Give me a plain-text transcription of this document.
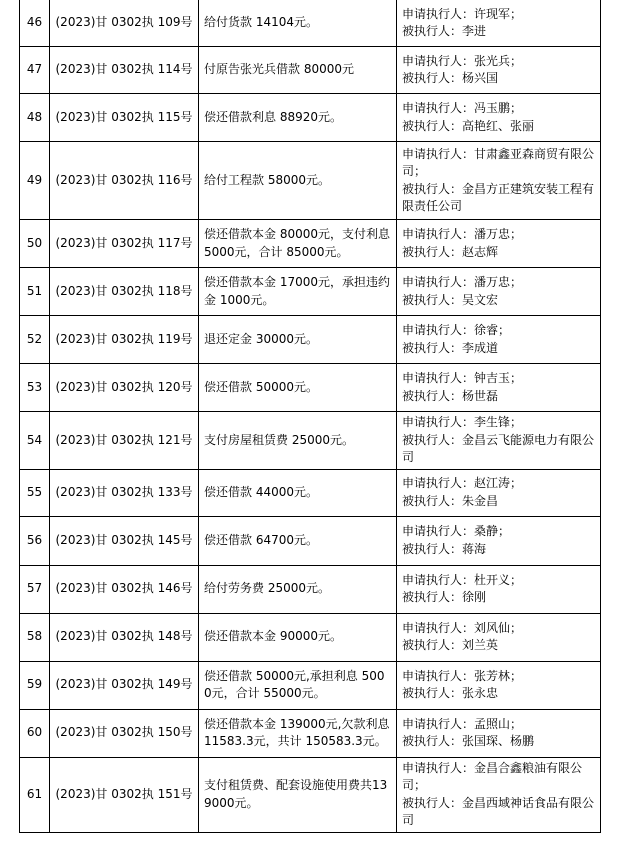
46	(2023)甘 0302执 109号	给付货款 14104元。	申请执行人：许现军；
被执行人：李进

47	(2023)甘 0302执 114号	付原告张光兵借款 80000元	申请执行人：张光兵；
被执行人：杨兴国

48	(2023)甘 0302执 115号	偿还借款利息 88920元。	申请执行人：冯玉鹏；
被执行人：高艳红、张丽

49	(2023)甘 0302执 116号	给付工程款 58000元。	申请执行人：甘肃鑫亚森商贸有限公司；
被执行人：金昌方正建筑安装工程有限责任公司

50	(2023)甘 0302执 117号	偿还借款本金 80000元，支付利息 5000元，合计 85000元。	申请执行人：潘万忠；
被执行人：赵志辉

51	(2023)甘 0302执 118号	偿还借款本金 17000元，承担违约金 1000元。	申请执行人：潘万忠；
被执行人：吴文宏

52	(2023)甘 0302执 119号	退还定金 30000元。	申请执行人：徐睿；
被执行人：李成道

53	(2023)甘 0302执 120号	偿还借款 50000元。	申请执行人：钟吉玉；
被执行人：杨世磊

54	(2023)甘 0302执 121号	支付房屋租赁费 25000元。	申请执行人：李生锋；
被执行人：金昌云飞能源电力有限公司

55	(2023)甘 0302执 133号	偿还借款 44000元。	申请执行人：赵江涛；
被执行人：朱金昌

56	(2023)甘 0302执 145号	偿还借款 64700元。	申请执行人：桑静；
被执行人：蒋海

57	(2023)甘 0302执 146号	给付劳务费 25000元。	申请执行人：杜开义；
被执行人：徐刚

58	(2023)甘 0302执 148号	偿还借款本金 90000元。	申请执行人：刘风仙；
被执行人：刘兰英

59	(2023)甘 0302执 149号	偿还借款 50000元,承担利息 5000元，合计 55000元。	申请执行人：张芳林；
被执行人：张永忠

60	(2023)甘 0302执 150号	偿还借款本金 139000元,欠款利息11583.3元，共计 150583.3元。	申请执行人：孟照山；
被执行人：张国琛、杨鹏

61	(2023)甘 0302执 151号	支付租赁费、配套设施使用费共139000元。	申请执行人：金昌合鑫粮油有限公司；
被执行人：金昌西域神话食品有限公司
